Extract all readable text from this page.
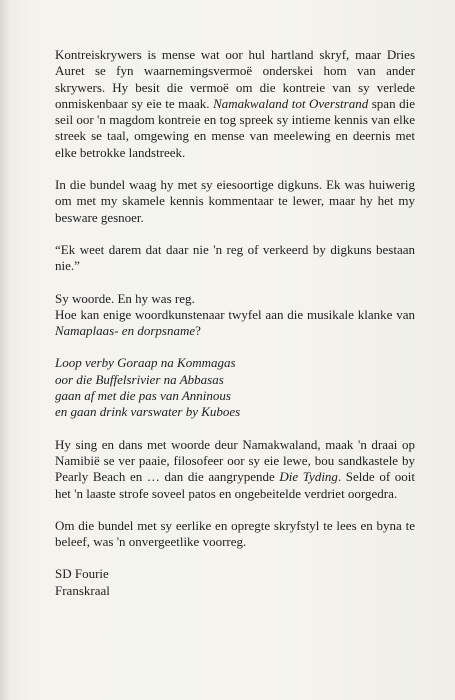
Kontreiskrywers is mense wat oor hul hartland skryf, maar Dries Auret se fyn waarnemingsvermoë onderskei hom van ander skrywers. Hy besit die vermoë om die kontreie van sy verlede onmiskenbaar sy eie te maak. Namakwaland tot Overstrand span die seil oor 'n magdom kontreie en tog spreek sy intieme kennis van elke streek se taal, omgewing en mense van meelewing en deernis met elke betrokke landstreek.

In die bundel waag hy met sy eiesoortige digkuns. Ek was huiwerig om met my skamele kennis kommentaar te lewer, maar hy het my besware gesnoer.

“Ek weet darem dat daar nie 'n reg of verkeerd by digkuns bestaan nie.”

Sy woorde. En hy was reg.

Hoe kan enige woordkunstenaar twyfel aan die musikale klanke van Namaplaas- en dorpsname?

Loop verby Goraap na Kommagas
oor die Buffelsrivier na Abbasas
gaan af met die pas van Anninous
en gaan drink varswater by Kuboes

Hy sing en dans met woorde deur Namakwaland, maak 'n draai op Namibië se ver paaie, filosofeer oor sy eie lewe, bou sandkastele by Pearly Beach en … dan die aangrypende Die Tyding. Selde of ooit het 'n laaste strofe soveel patos en ongebeitelde verdriet oorgedra.

Om die bundel met sy eerlike en opregte skryfstyl te lees en byna te beleef, was 'n onvergeetlike voorreg.

SD Fourie
Franskraal
